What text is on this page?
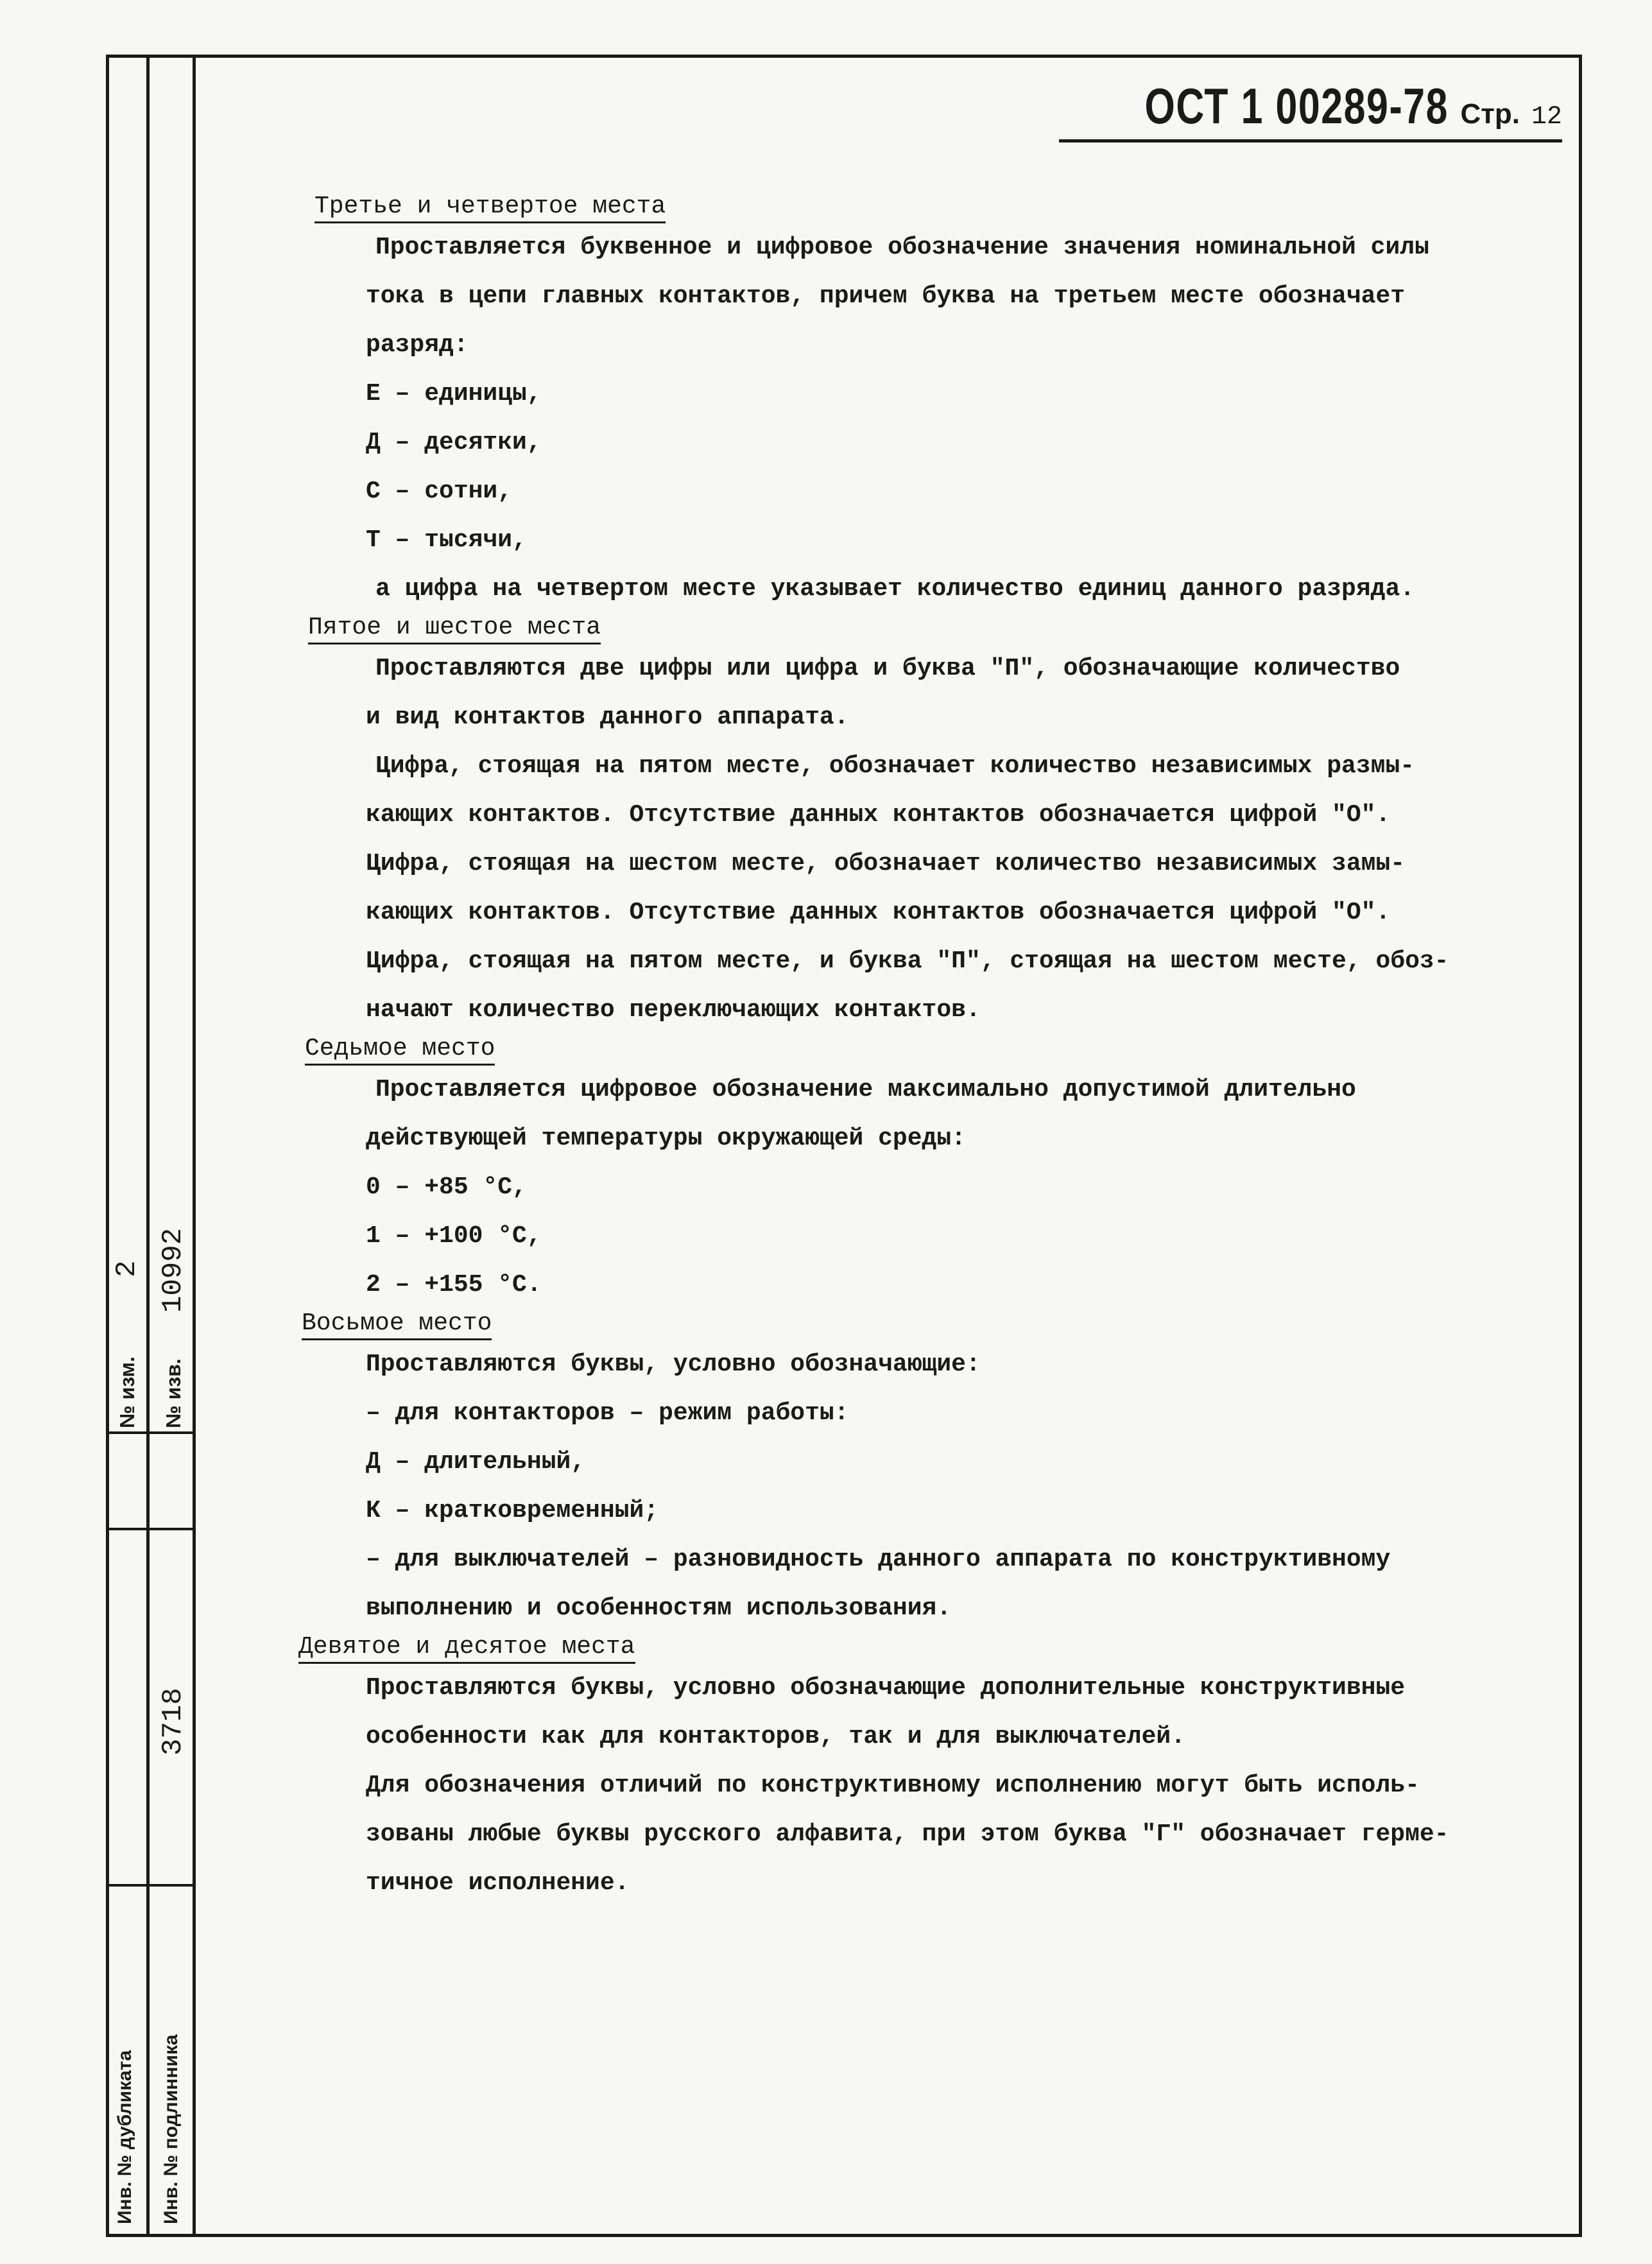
№ изм.
2
№ изв.
10992
3718
Инв. № дубликата Инв. № подлинника
ОСТ 1 00289-78 Стр. 12
Третье и четвертое места
Проставляется буквенное и цифровое обозначение значения номинальной силы
тока в цепи главных контактов, причем буква на третьем месте обозначает
разряд:
Е – единицы,
Д – десятки,
С – сотни,
Т – тысячи,
а цифра на четвертом месте указывает количество единиц данного разряда.
Пятое и шестое места
Проставляются две цифры или цифра и буква "П", обозначающие количество
и вид контактов данного аппарата.
Цифра, стоящая на пятом месте, обозначает количество независимых размы-
кающих контактов. Отсутствие данных контактов обозначается цифрой "О".
Цифра, стоящая на шестом месте, обозначает количество независимых замы-
кающих контактов. Отсутствие данных контактов обозначается цифрой "О".
Цифра, стоящая на пятом месте, и буква "П", стоящая на шестом месте, обоз-
начают количество переключающих контактов.
Седьмое место
Проставляется цифровое обозначение максимально допустимой длительно
действующей температуры окружающей среды:
0 – +85 °С,
1 – +100 °С,
2 – +155 °С.
Восьмое место
Проставляются буквы, условно обозначающие:
– для контакторов – режим работы:
Д – длительный,
К – кратковременный;
– для выключателей – разновидность данного аппарата по конструктивному
выполнению и особенностям использования.
Девятое и десятое места
Проставляются буквы, условно обозначающие дополнительные конструктивные
особенности как для контакторов, так и для выключателей.
Для обозначения отличий по конструктивному исполнению могут быть исполь-
зованы любые буквы русского алфавита, при этом буква "Г" обозначает герме-
тичное исполнение.
